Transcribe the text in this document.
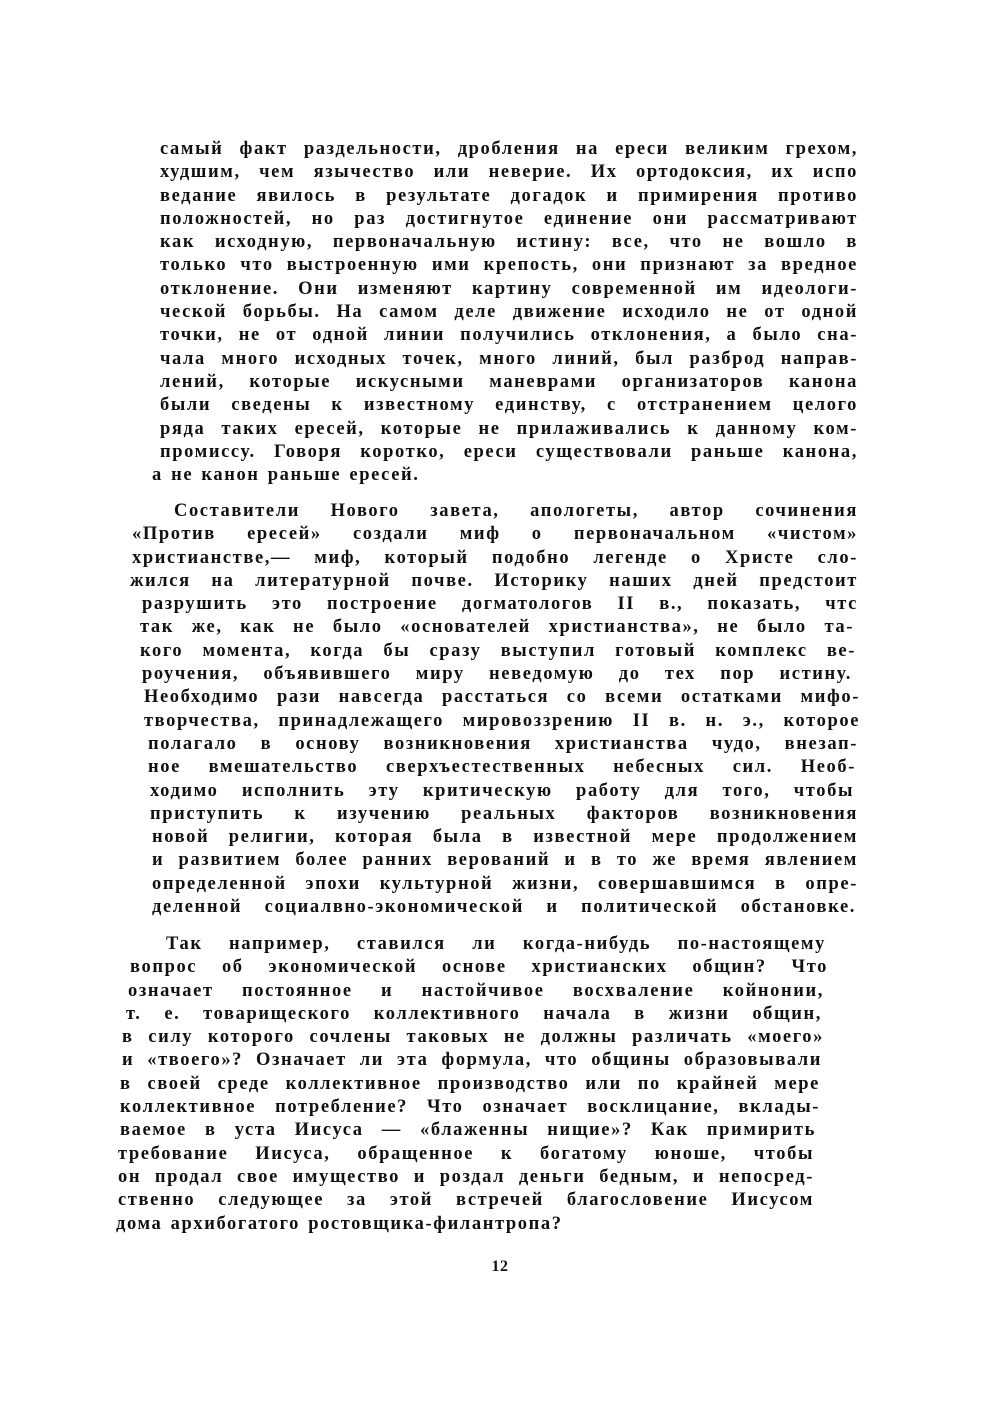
самый факт раздельности, дробления на ереси великим грехом,
худшим, чем язычество или неверие. Их ортодоксия, их испо
ведание явилось в результате догадок и примирения противо
положностей, но раз достигнутое единение они рассматривают
как исходную, первоначальную истину: все, что не вошло в
только что выстроенную ими крепость, они признают за вредное
отклонение. Они изменяют картину современной им идеологи-
ческой борьбы. На самом деле движение исходило не от одной
точки, не от одной линии получились отклонения, а было сна-
чала много исходных точек, много линий, был разброд направ-
лений, которые искусными маневрами организаторов канона
были сведены к известному единству, с отстранением целого
ряда таких ересей, которые не прилаживались к данному ком-
промиссу. Говоря коротко, ереси существовали раньше канона,
а не канон раньше ересей.
Составители Нового завета, апологеты, автор сочинения
«Против ересей» создали миф о первоначальном «чистом»
христианстве,— миф, который подобно легенде о Христе сло-
жился на литературной почве. Историку наших дней предстоит
разрушить это построение догматологов II в., показать, чтс
так же, как не было «основателей христианства», не было та-
кого момента, когда бы сразу выступил готовый комплекс ве-
роучения, объявившего миру неведомую до тех пор истину.
Необходимо рази навсегда расстаться со всеми остатками мифо-
творчества, принадлежащего мировоззрению II в. н. э., которое
полагало в основу возникновения христианства чудо, внезап-
ное вмешательство сверхъестественных небесных сил. Необ-
ходимо исполнить эту критическую работу для того, чтобы
приступить к изучению реальных факторов возникновения
новой религии, которая была в известной мере продолжением
и развитием более ранних верований и в то же время явлением
определенной эпохи культурной жизни, совершавшимся в опре-
деленной социалвно-экономической и политической обстановке.
Так например, ставился ли когда-нибудь по-настоящему
вопрос об экономической основе христианских общин? Что
означает постоянное и настойчивое восхваление койнонии,
т. е. товарищеского коллективного начала в жизни общин,
в силу которого сочлены таковых не должны различать «моего»
и «твоего»? Означает ли эта формула, что общины образовывали
в своей среде коллективное производство или по крайней мере
коллективное потребление? Что означает восклицание, вклады-
ваемое в уста Иисуса — «блаженны нищие»? Как примирить
требование Иисуса, обращенное к богатому юноше, чтобы
он продал свое имущество и роздал деньги бедным, и непосред-
ственно следующее за этой встречей благословение Иисусом
дома архибогатого ростовщика-филантропа?
12
